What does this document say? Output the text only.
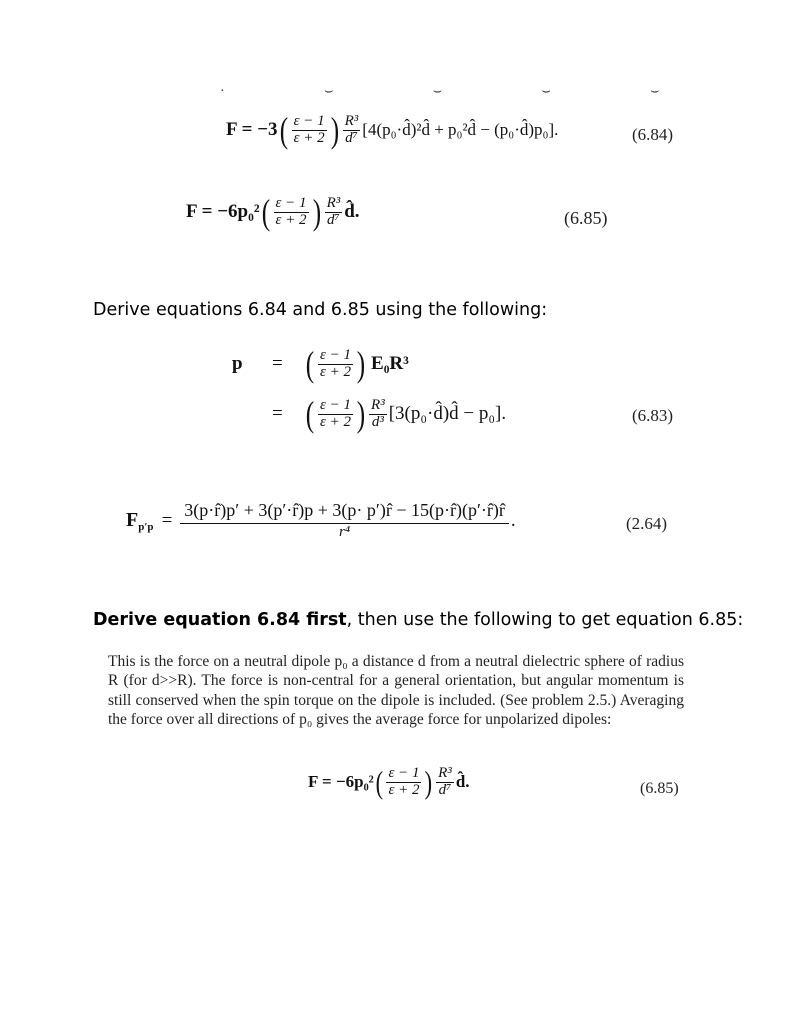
· ⌣ ⌣ ⌣ ⌣
F = −3 ( $\frac{\varepsilon - 1}{\varepsilon + 2}$ ) $\frac{\text{R³}}{\text{d⁷}}$ [4(p₀·d̂)²d̂ + p₀²d̂ − (p₀·d̂)p₀].	(6.84)
F = −6p₀² ( $\frac{\varepsilon - 1}{\varepsilon + 2}$ ) $\frac{\text{R³}}{\text{d⁷}}$ d̂.	(6.85)
Derive equations 6.84 and 6.85 using the following:
p	= ( $\frac{\varepsilon - 1}{\varepsilon + 2}$ ) E₀R³
= ( $\frac{\varepsilon - 1}{\varepsilon + 2}$ ) $\frac{\text{R³}}{\text{d³}}$ [3(p₀·d̂)d̂ − p₀].	(6.83)
$F_{p'p} = \frac{3(p\cdot r̂)p' + 3(p'\cdot r̂)p + 3(p\cdot p')r̂ - 15(p\cdot r̂)(p'\cdot r̂)r̂}{\text{r⁴}}$ .	(2.64)
Derive equation 6.84 first, then use the following to get equation 6.85:
This is the force on a neutral dipole p₀ a distance d from a neutral dielectric sphere of radius R (for d>>R). The force is non-central for a general orientation, but angular momentum is still conserved when the spin torque on the dipole is included. (See problem 2.5.) Averaging the force over all directions of p₀ gives the average force for unpolarized dipoles:
F = −6p₀² ( $\frac{\varepsilon - 1}{\varepsilon + 2}$ ) $\frac{\text{R³}}{\text{d⁷}}$ d̂.	(6.85)
